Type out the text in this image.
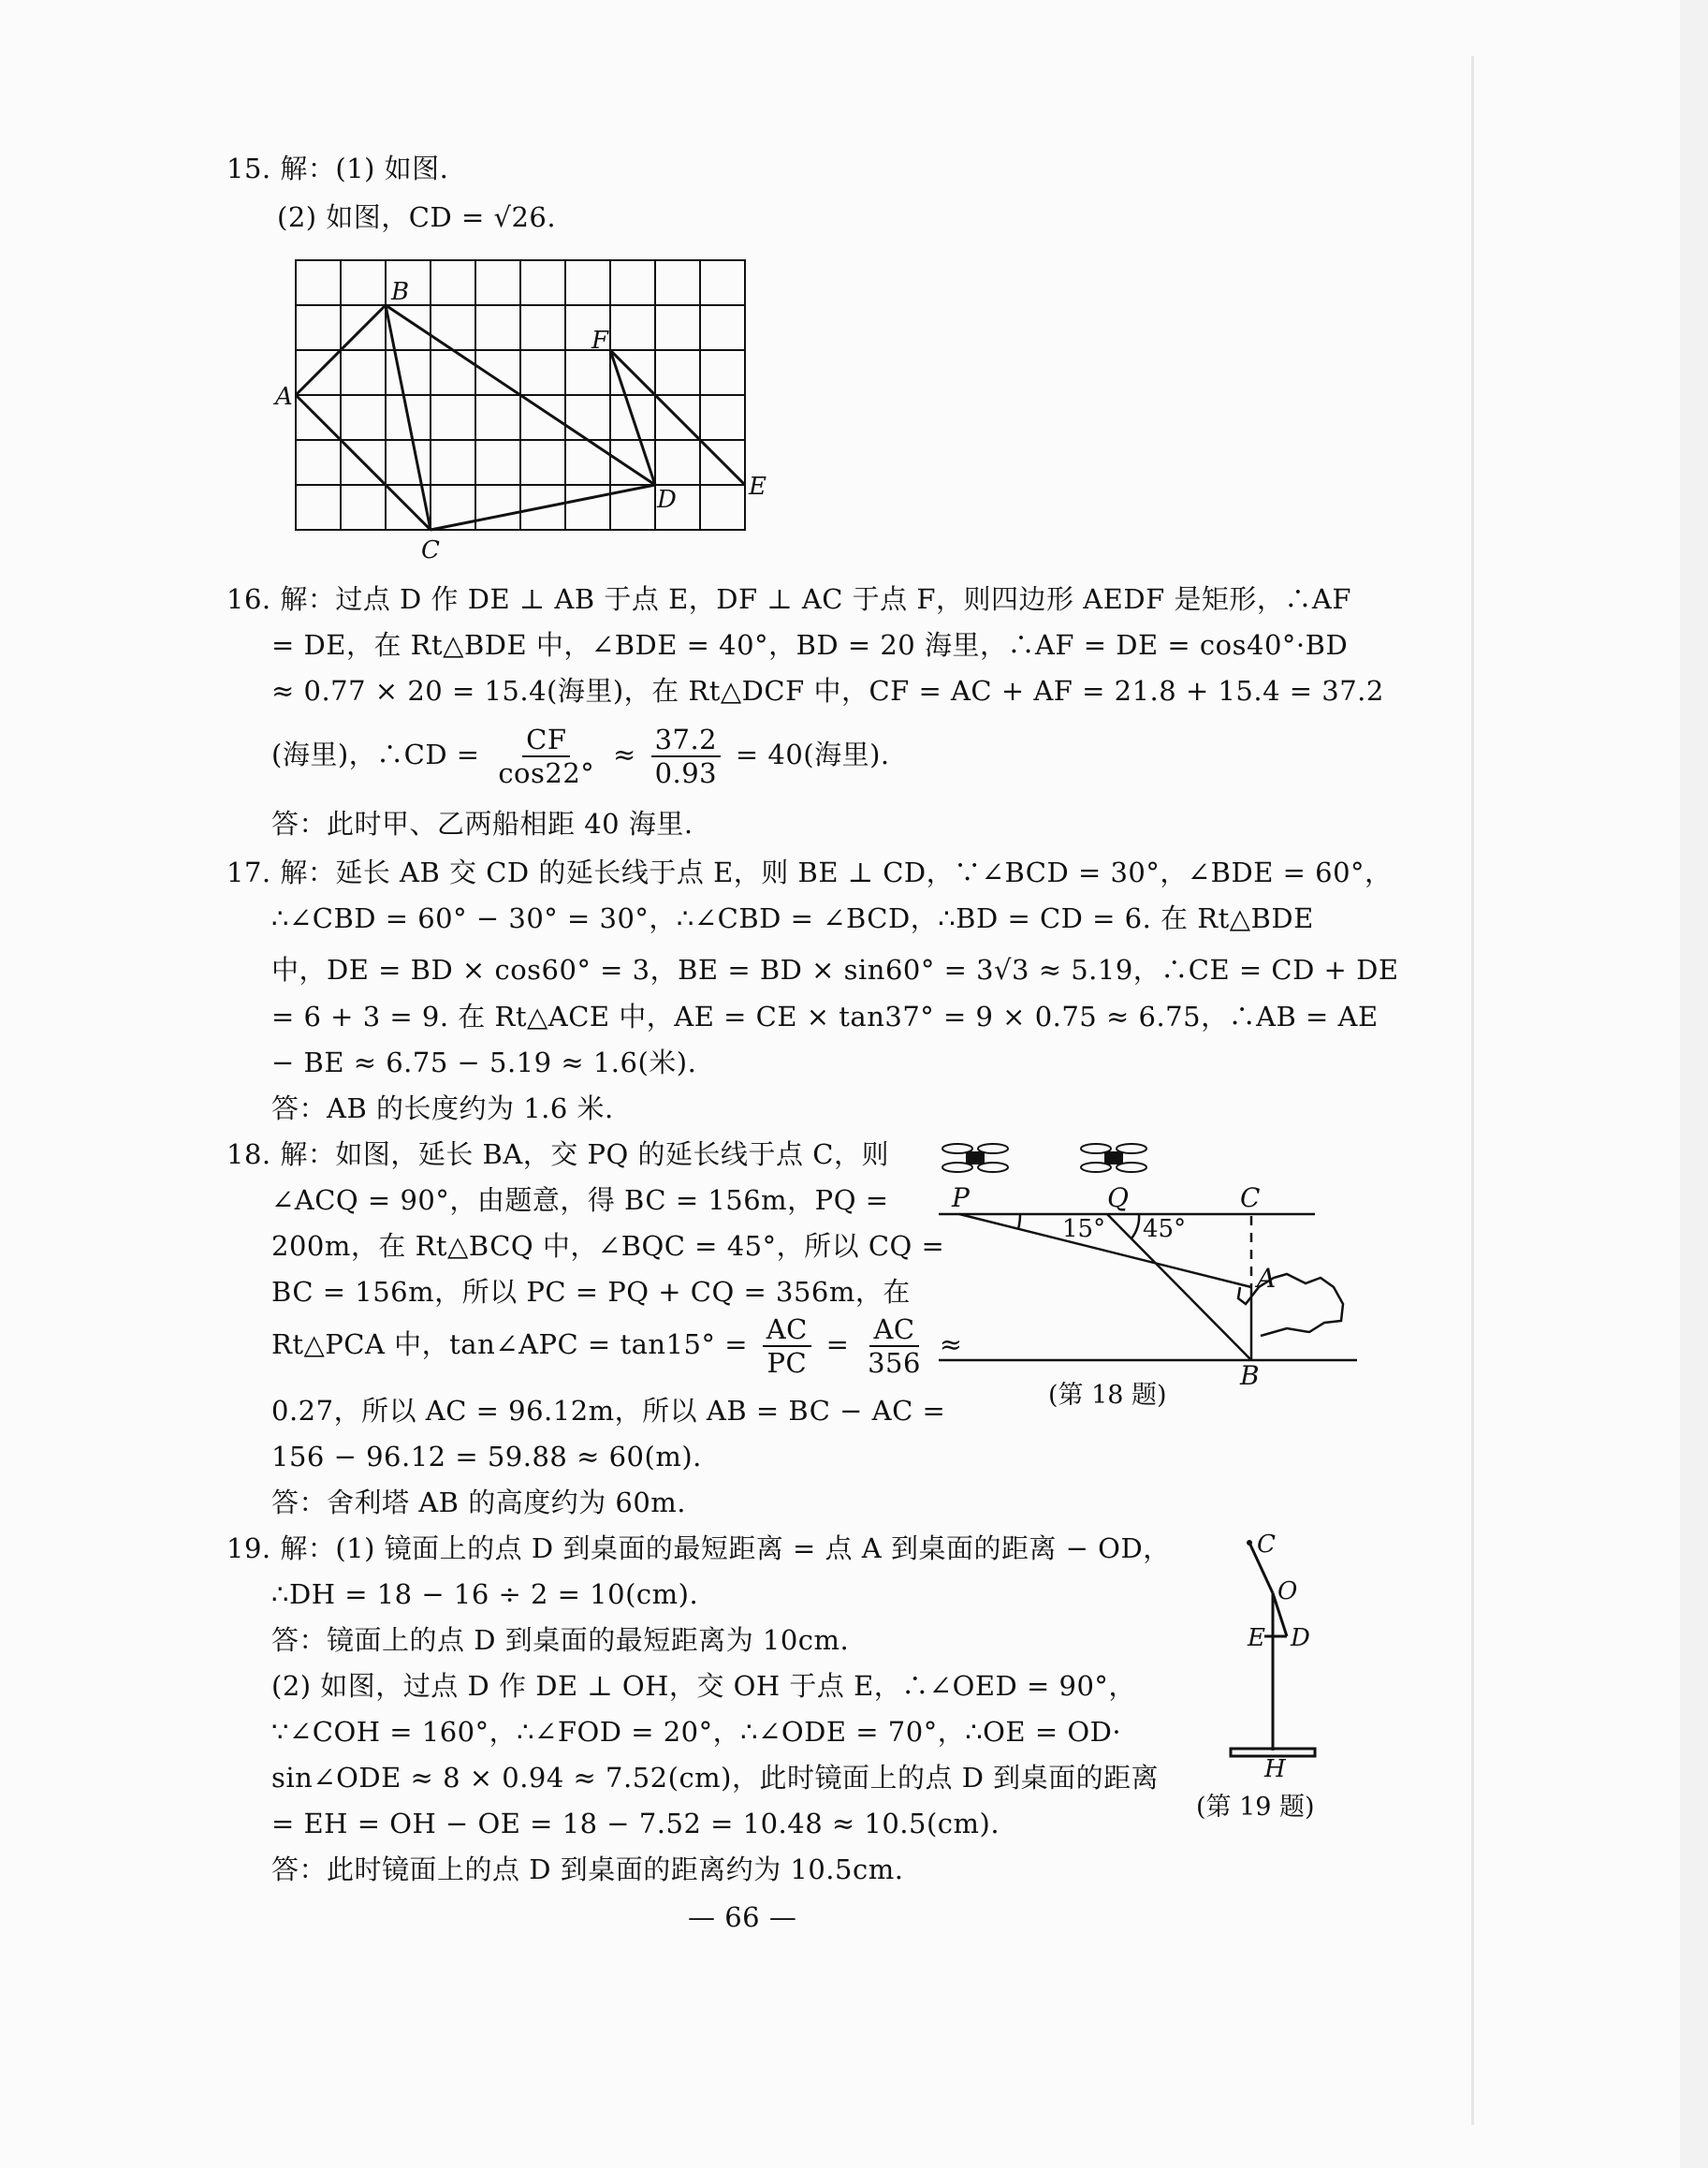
15. 解：(1) 如图.
(2) 如图，CD = √26.
A
B
C
D	E
F
16. 解：过点 D 作 DE ⊥ AB 于点 E，DF ⊥ AC 于点 F，则四边形 AEDF 是矩形，∴AF
= DE，在 Rt△BDE 中，∠BDE = 40°，BD = 20 海里，∴AF = DE = cos40°·BD
≈ 0.77 × 20 = 15.4(海里)，在 Rt△DCF 中，CF = AC + AF = 21.8 + 15.4 = 37.2
(海里)，∴CD = $\frac{CF}{\cos 22^\circ} \approx \frac{37.2}{0.93} = 40$(海里).
答：此时甲、乙两船相距 40 海里.
17. 解：延长 AB 交 CD 的延长线于点 E，则 BE ⊥ CD，∵∠BCD = 30°，∠BDE = 60°，
∴∠CBD = 60° − 30° = 30°，∴∠CBD = ∠BCD，∴BD = CD = 6. 在 Rt△BDE
中，DE = BD × cos60° = 3，BE = BD × sin60° = 3√3 ≈ 5.19，∴CE = CD + DE
= 6 + 3 = 9. 在 Rt△ACE 中，AE = CE × tan37° = 9 × 0.75 ≈ 6.75，∴AB = AE
− BE ≈ 6.75 − 5.19 ≈ 1.6(米).
答：AB 的长度约为 1.6 米.
18. 解：如图，延长 BA，交 PQ 的延长线于点 C，则
∠ACQ = 90°，由题意，得 BC = 156m，PQ =
200m，在 Rt△BCQ 中，∠BQC = 45°，所以 CQ =
BC = 156m，所以 PC = PQ + CQ = 356m，在
Rt△PCA 中，tan∠APC = $\tan 15^\circ = \frac{AC}{PC} = \frac{AC}{356}$ ≈
0.27，所以 AC = 96.12m，所以 AB = BC − AC =
156 − 96.12 = 59.88 ≈ 60(m).
答：舍利塔 AB 的高度约为 60m.
P	Q	C
A
B
15° 45°
(第 18 题)
19. 解：(1) 镜面上的点 D 到桌面的最短距离 = 点 A 到桌面的距离 − OD，
∴DH = 18 − 16 ÷ 2 = 10(cm).
答：镜面上的点 D 到桌面的最短距离为 10cm.
(2) 如图，过点 D 作 DE ⊥ OH，交 OH 于点 E，∴∠OED = 90°，
∵∠COH = 160°，∴∠FOD = 20°，∴∠ODE = 70°，∴OE = OD·
sin∠ODE ≈ 8 × 0.94 ≈ 7.52(cm)，此时镜面上的点 D 到桌面的距离
= EH = OH − OE = 18 − 7.52 = 10.48 ≈ 10.5(cm).
答：此时镜面上的点 D 到桌面的距离约为 10.5cm.
C
O
E D
H
(第 19 题)
— 66 —
